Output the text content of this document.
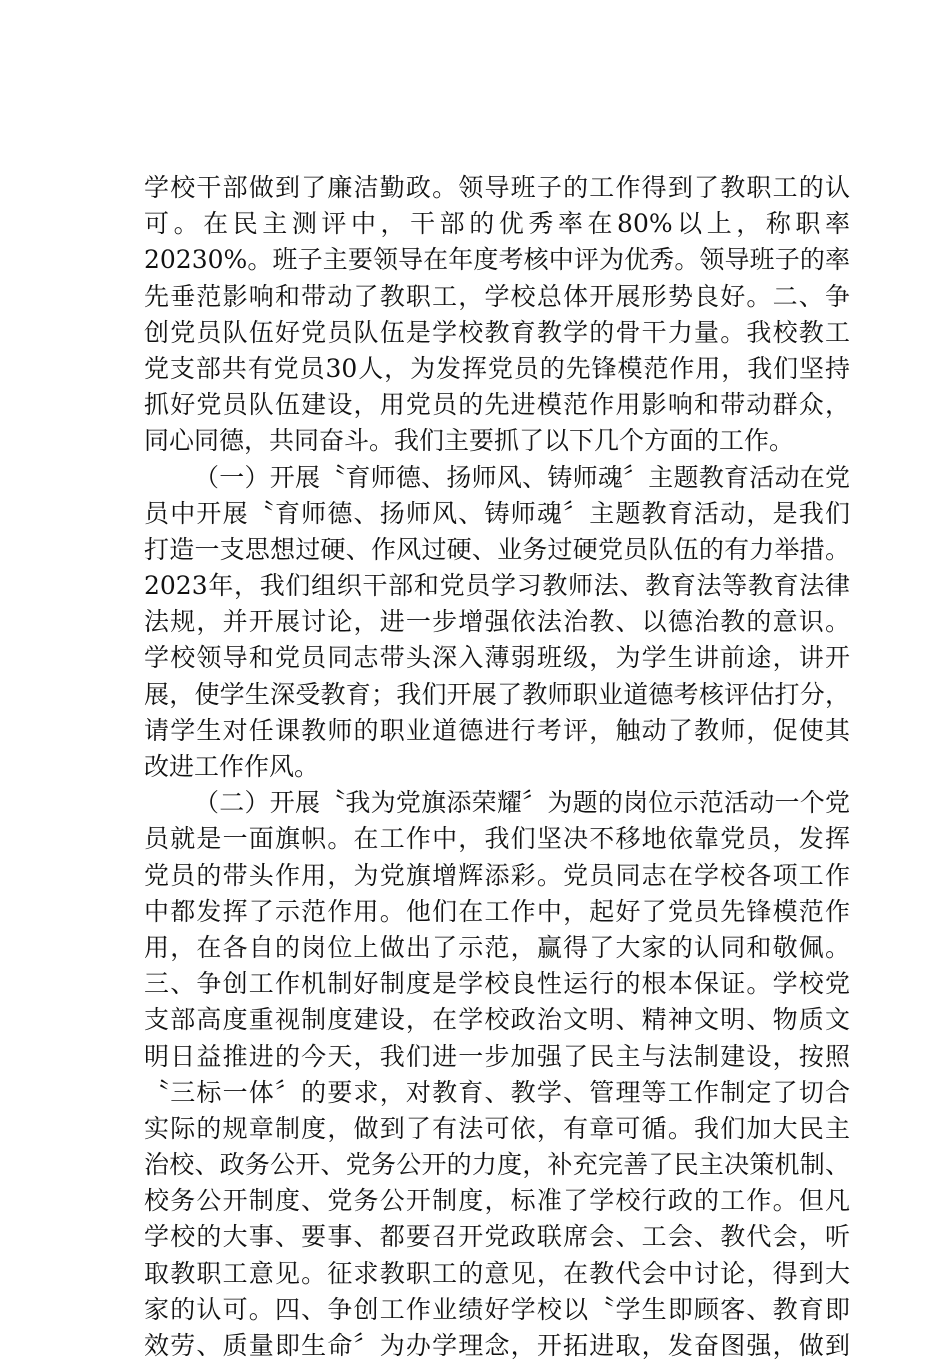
学校干部做到了廉洁勤政。领导班子的工作得到了教职工的认
可。在民主测评中，干部的优秀率在80%以上，称职率
20230%。班子主要领导在年度考核中评为优秀。领导班子的率
先垂范影响和带动了教职工，学校总体开展形势良好。二、争
创党员队伍好党员队伍是学校教育教学的骨干力量。我校教工
党支部共有党员30人，为发挥党员的先锋模范作用，我们坚持
抓好党员队伍建设，用党员的先进模范作用影响和带动群众，
同心同德，共同奋斗。我们主要抓了以下几个方面的工作。
（一）开展〝育师德、扬师风、铸师魂〞主题教育活动在党
员中开展〝育师德、扬师风、铸师魂〞主题教育活动，是我们
打造一支思想过硬、作风过硬、业务过硬党员队伍的有力举措。
2023年，我们组织干部和党员学习教师法、教育法等教育法律
法规，并开展讨论，进一步增强依法治教、以德治教的意识。
学校领导和党员同志带头深入薄弱班级，为学生讲前途，讲开
展，使学生深受教育；我们开展了教师职业道德考核评估打分，
请学生对任课教师的职业道德进行考评，触动了教师，促使其
改进工作作风。
（二）开展〝我为党旗添荣耀〞为题的岗位示范活动一个党
员就是一面旗帜。在工作中，我们坚决不移地依靠党员，发挥
党员的带头作用，为党旗增辉添彩。党员同志在学校各项工作
中都发挥了示范作用。他们在工作中，起好了党员先锋模范作
用，在各自的岗位上做出了示范，赢得了大家的认同和敬佩。
三、争创工作机制好制度是学校良性运行的根本保证。学校党
支部高度重视制度建设，在学校政治文明、精神文明、物质文
明日益推进的今天，我们进一步加强了民主与法制建设，按照
〝三标一体〞的要求，对教育、教学、管理等工作制定了切合
实际的规章制度，做到了有法可依，有章可循。我们加大民主
治校、政务公开、党务公开的力度，补充完善了民主决策机制、
校务公开制度、党务公开制度，标准了学校行政的工作。但凡
学校的大事、要事、都要召开党政联席会、工会、教代会，听
取教职工意见。征求教职工的意见，在教代会中讨论，得到大
家的认可。四、争创工作业绩好学校以〝学生即顾客、教育即
效劳、质量即生命〞为办学理念，开拓进取，发奋图强，做到
